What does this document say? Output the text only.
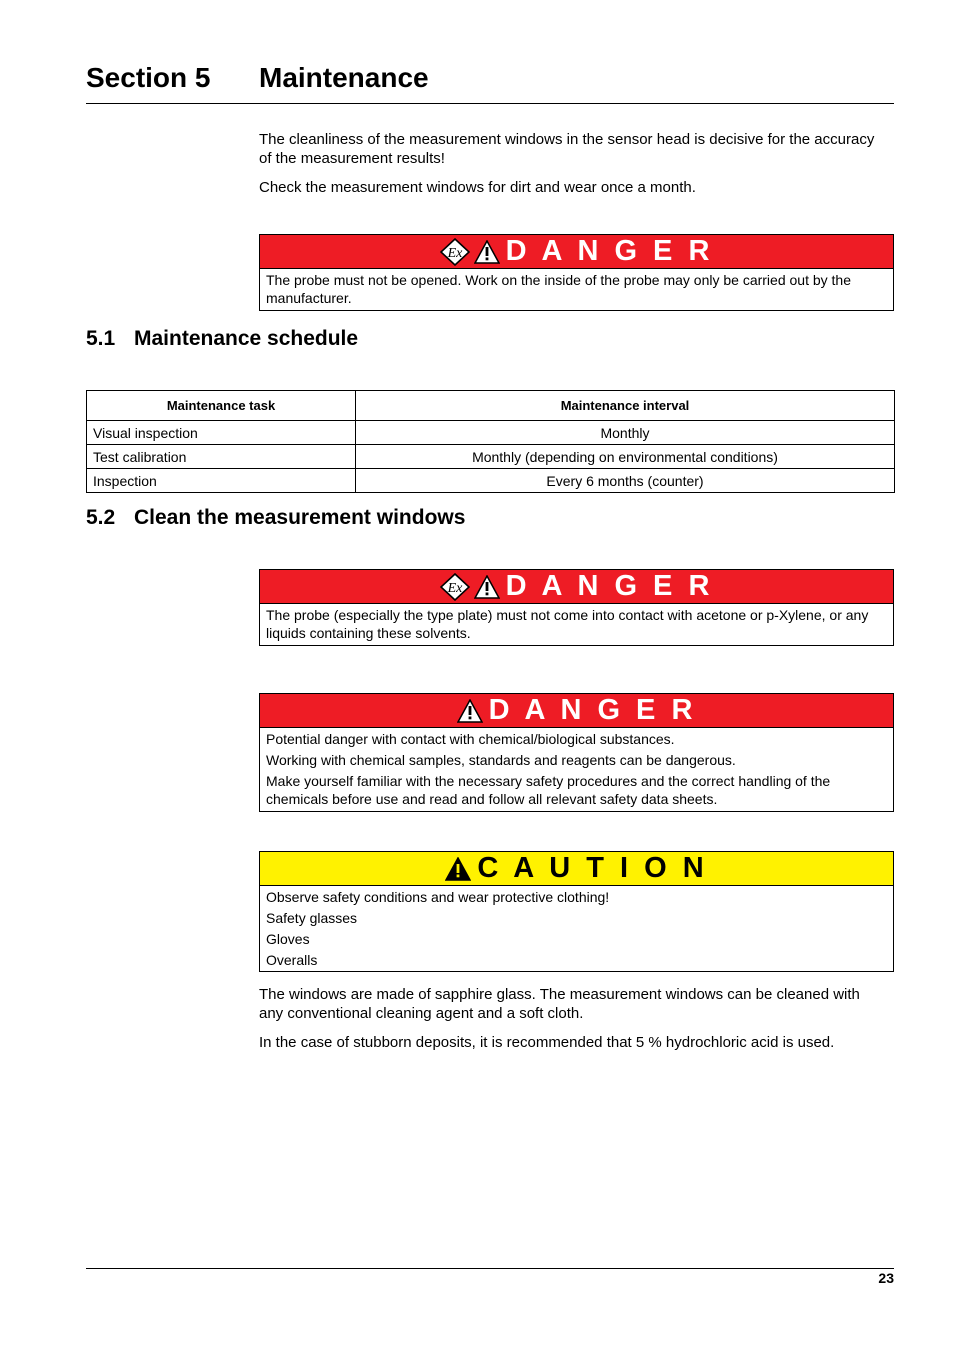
Section 5 Maintenance
The cleanliness of the measurement windows in the sensor head is decisive for the accuracy of the measurement results!
Check the measurement windows for dirt and wear once a month.
Ex D A N G E R
The probe must not be opened. Work on the inside of the probe may only be carried out by the manufacturer.
5.1 Maintenance schedule
Maintenance task	Maintenance interval
Visual inspection	Monthly
Test calibration	Monthly (depending on environmental conditions)
Inspection	Every 6 months (counter)
5.2 Clean the measurement windows
Ex D A N G E R
The probe (especially the type plate) must not come into contact with acetone or p-Xylene, or any liquids containing these solvents.
D A N G E R

Potential danger with contact with chemical/biological substances.

Working with chemical samples, standards and reagents can be dangerous.

Make yourself familiar with the necessary safety procedures and the correct handling of the chemicals before use and read and follow all relevant safety data sheets.

C A U T I O N

Observe safety conditions and wear protective clothing!

Safety glasses

Gloves

Overalls

The windows are made of sapphire glass. The measurement windows can be cleaned with any conventional cleaning agent and a soft cloth.
In the case of stubborn deposits, it is recommended that 5 % hydrochloric acid is used.
23
